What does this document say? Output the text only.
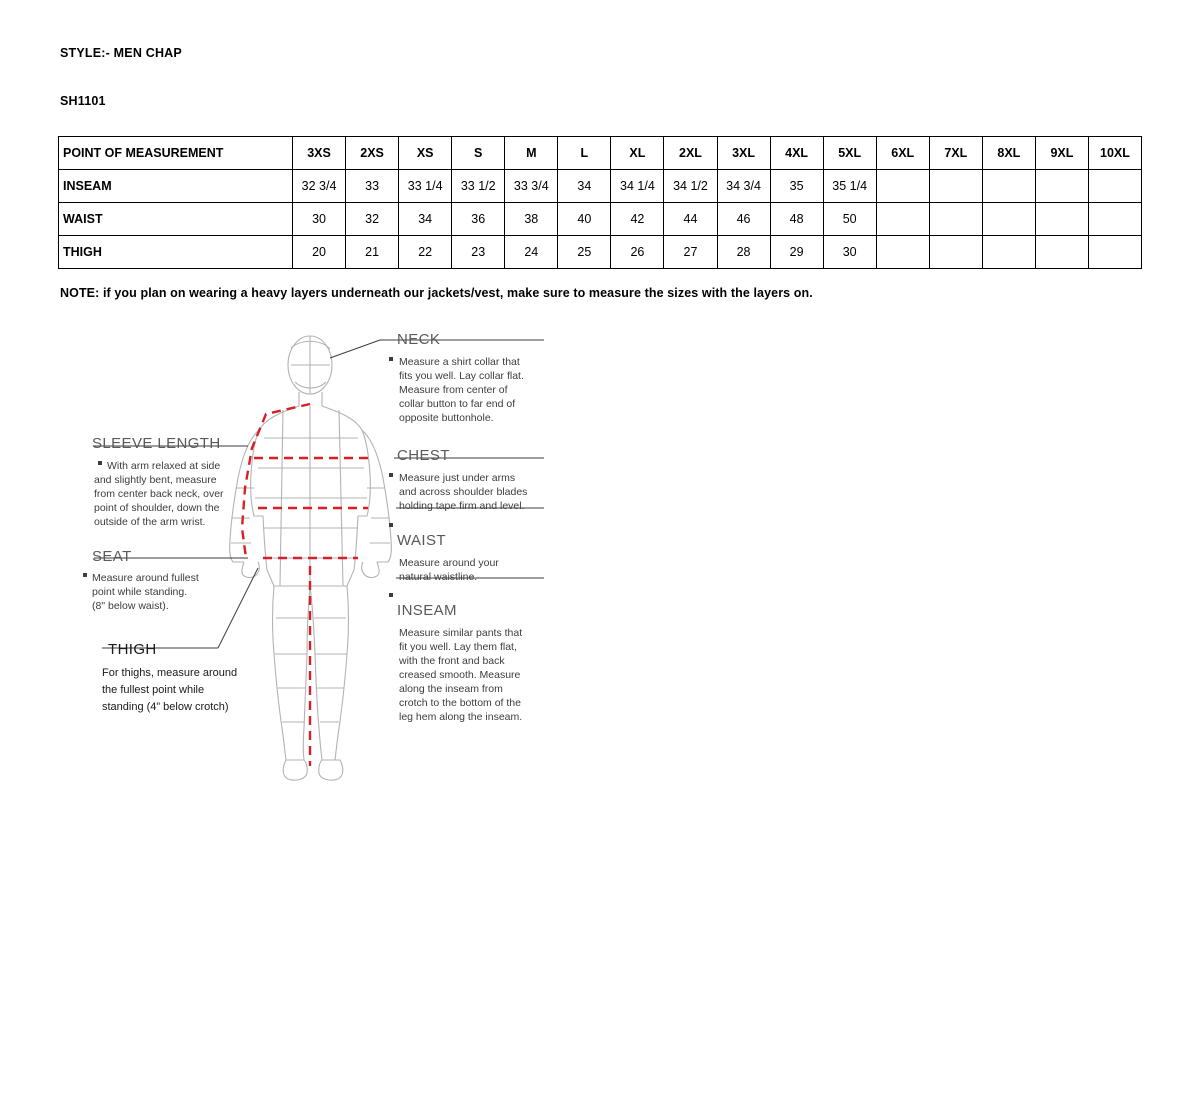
STYLE:- MEN CHAP
SH1101
POINT OF MEASUREMENT	3XS	2XS	XS	S	M	L	XL	2XL	3XL	4XL	5XL	6XL	7XL	8XL	9XL	10XL
INSEAM	32 3/4	33	33 1/4	33 1/2	33 3/4	34	34 1/4	34 1/2	34 3/4	35	35 1/4					
WAIST	30	32	34	36	38	40	42	44	46	48	50					
THIGH	20	21	22	23	24	25	26	27	28	29	30					
NOTE: if you plan on wearing a heavy layers underneath our jackets/vest, make sure to measure the sizes with the layers on.
NECK
Measure a shirt collar that
fits you well. Lay collar flat.
Measure from center of
collar button to far end of
opposite buttonhole.
CHEST
Measure just under arms
and across shoulder blades
holding tape firm and level.
WAIST
Measure around your
natural waistline.
INSEAM
Measure similar pants that
fit you well. Lay them flat,
with the front and back
creased smooth. Measure
along the inseam from
crotch to the bottom of the
leg hem along the inseam.
SLEEVE LENGTH
With arm relaxed at side
and slightly bent, measure
from center back neck, over
point of shoulder, down the
outside of the arm wrist.
SEAT
Measure around fullest
point while standing.
(8" below waist).
THIGH
For thighs, measure around
the fullest point while
standing (4” below crotch)
